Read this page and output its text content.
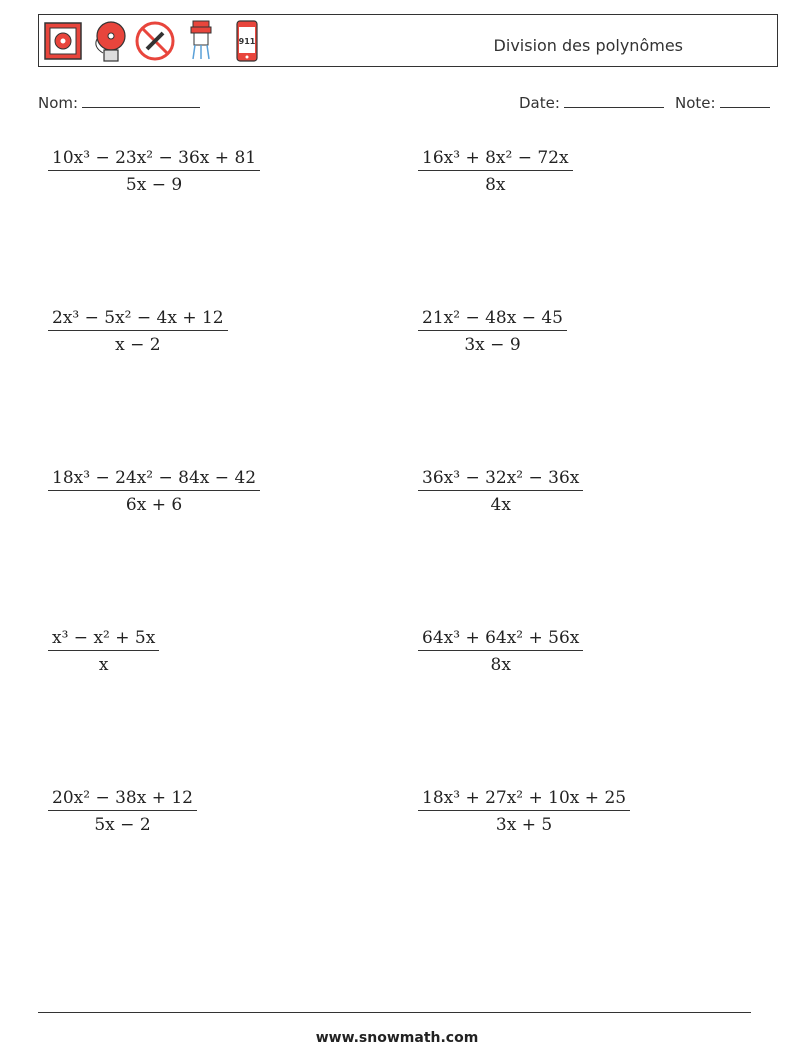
911	Division des polynômes
Nom:	Date:	Note:
10x³ − 23x² − 36x + 81
5x − 9
16x³ + 8x² − 72x
8x
2x³ − 5x² − 4x + 12
x − 2
21x² − 48x − 45
3x − 9
18x³ − 24x² − 84x − 42
6x + 6
36x³ − 32x² − 36x
4x
x³ − x² + 5x
x
64x³ + 64x² + 56x
8x
20x² − 38x + 12
5x − 2
18x³ + 27x² + 10x + 25
3x + 5
www.snowmath.com
